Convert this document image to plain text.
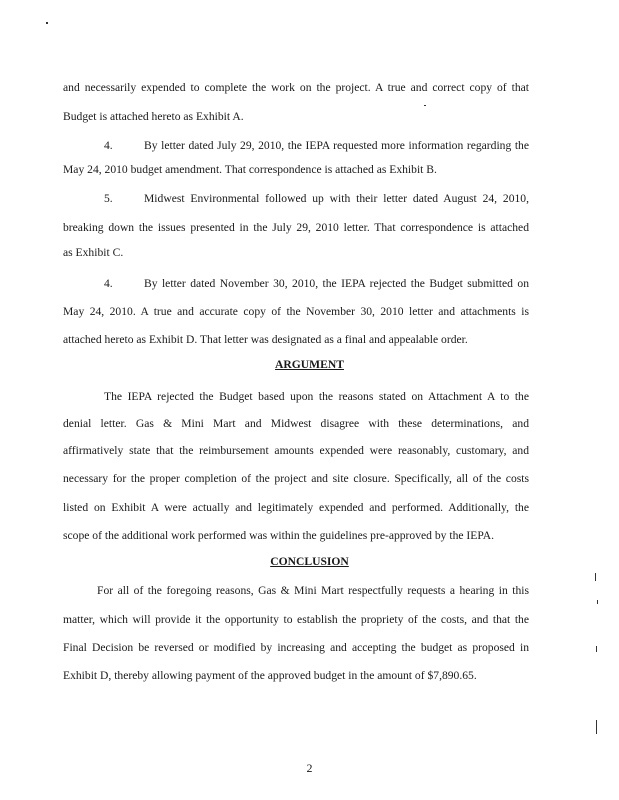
and necessarily expended to complete the work on the project. A true and correct copy of that
Budget is attached hereto as Exhibit A.
4.	By letter dated July 29, 2010, the IEPA requested more information regarding the
May 24, 2010 budget amendment. That correspondence is attached as Exhibit B.
5.	Midwest Environmental followed up with their letter dated August 24, 2010,
breaking down the issues presented in the July 29, 2010 letter. That correspondence is attached
as Exhibit C.
4.	By letter dated November 30, 2010, the IEPA rejected the Budget submitted on
May 24, 2010. A true and accurate copy of the November 30, 2010 letter and attachments is
attached hereto as Exhibit D. That letter was designated as a final and appealable order.
ARGUMENT
The IEPA rejected the Budget based upon the reasons stated on Attachment A to the
denial letter. Gas & Mini Mart and Midwest disagree with these determinations, and
affirmatively state that the reimbursement amounts expended were reasonably, customary, and
necessary for the proper completion of the project and site closure. Specifically, all of the costs
listed on Exhibit A were actually and legitimately expended and performed. Additionally, the
scope of the additional work performed was within the guidelines pre-approved by the IEPA.
CONCLUSION
For all of the foregoing reasons, Gas & Mini Mart respectfully requests a hearing in this
matter, which will provide it the opportunity to establish the propriety of the costs, and that the
Final Decision be reversed or modified by increasing and accepting the budget as proposed in
Exhibit D, thereby allowing payment of the approved budget in the amount of $7,890.65.
2
